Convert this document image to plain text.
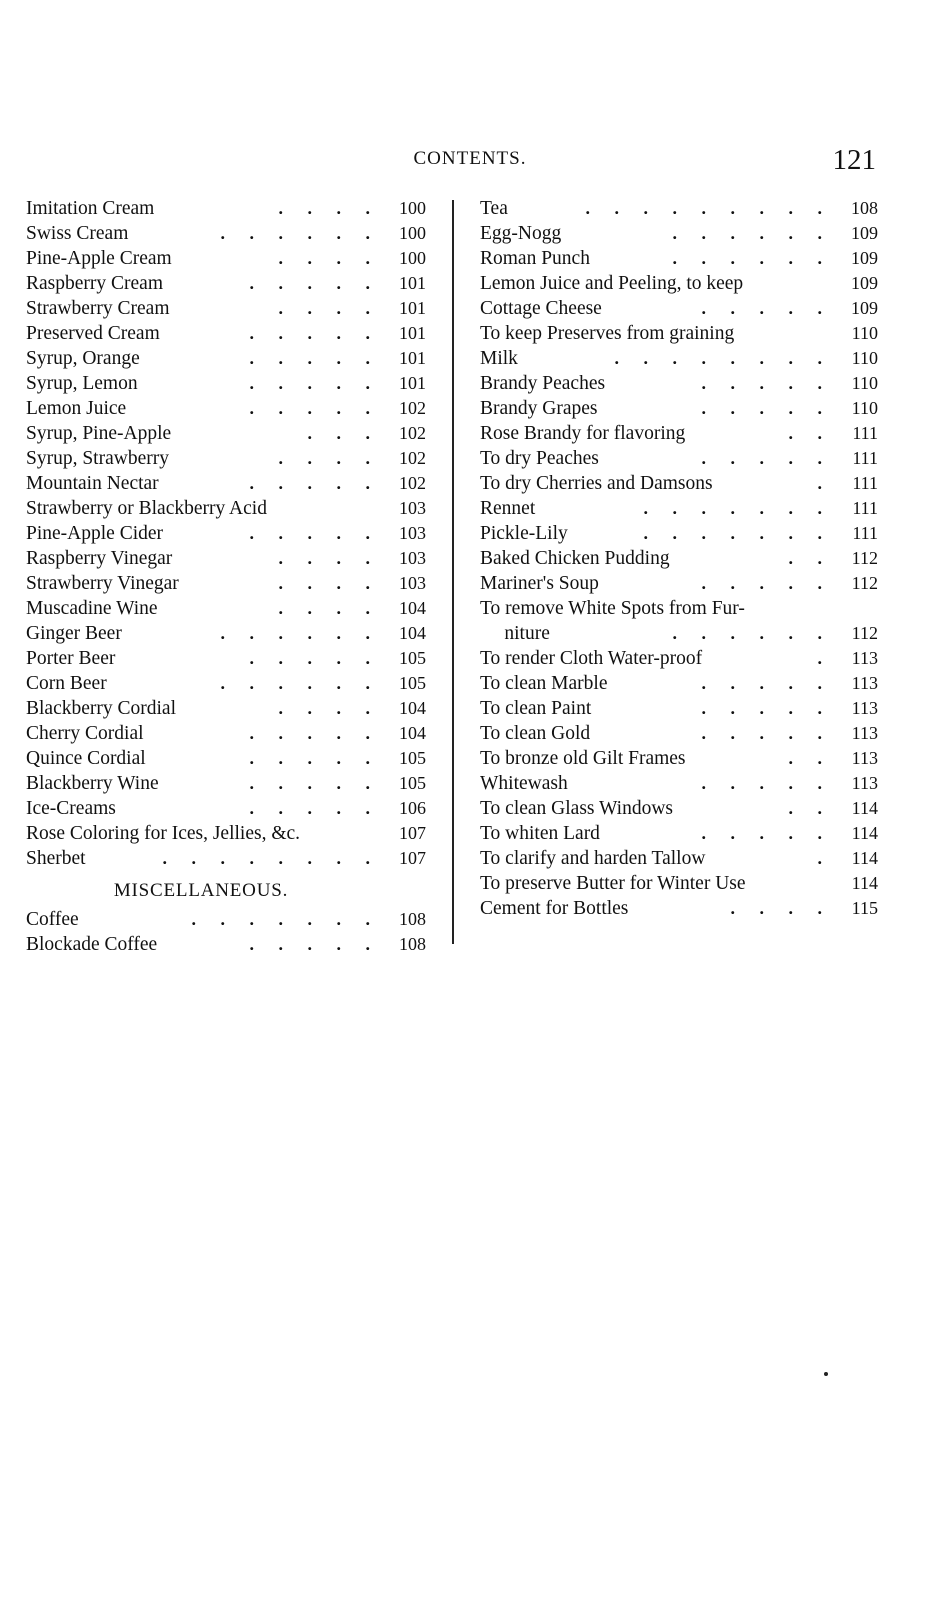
CONTENTS.	121
Imitation Cream	. . . .	100
Swiss Cream	. . . . . .	100
Pine-Apple Cream	. . . .	100
Raspberry Cream	. . . . .	101
Strawberry Cream	. . . .	101
Preserved Cream	. . . . .	101
Syrup, Orange	. . . . .	101
Syrup, Lemon	. . . . .	101
Lemon Juice	. . . . .	102
Syrup, Pine-Apple	. . .	102
Syrup, Strawberry	. . . .	102
Mountain Nectar	. . . . .	102
Strawberry or Blackberry Acid	103
Pine-Apple Cider	. . . . .	103
Raspberry Vinegar	. . . .	103
Strawberry Vinegar	. . . .	103
Muscadine Wine	. . . .	104
Ginger Beer	. . . . . .	104
Porter Beer	. . . . .	105
Corn Beer	. . . . . .	105
Blackberry Cordial	. . . .	104
Cherry Cordial	. . . . .	104
Quince Cordial	. . . . .	105
Blackberry Wine	. . . . .	105
Ice-Creams	. . . . .	106
Rose Coloring for Ices, Jellies, &c.	107
Sherbet	. . . . . . . .	107
MISCELLANEOUS.
Coffee	. . . . . . .	108
Blockade Coffee	. . . . .	108
Tea	. . . . . . . . .	108
Egg-Nogg	. . . . . .	109
Roman Punch	. . . . . .	109
Lemon Juice and Peeling, to keep	109
Cottage Cheese	. . . . .	109
To keep Preserves from graining	110
Milk	. . . . . . . .	110
Brandy Peaches	. . . . .	110
Brandy Grapes	. . . . .	110
Rose Brandy for flavoring	. .	111
To dry Peaches	. . . . .	111
To dry Cherries and Damsons	.	111
Rennet	. . . . . . .	111
Pickle-Lily	. . . . . . .	111
Baked Chicken Pudding	. .	112
Mariner's Soup	. . . . .	112
To remove White Spots from Fur-
niture	. . . . . .	112
To render Cloth Water-proof	.	113
To clean Marble	. . . . .	113
To clean Paint	. . . . .	113
To clean Gold	. . . . .	113
To bronze old Gilt Frames	. .	113
Whitewash	. . . . .	113
To clean Glass Windows	. .	114
To whiten Lard	. . . . .	114
To clarify and harden Tallow	.	114
To preserve Butter for Winter Use	114
Cement for Bottles	. . . .	115
